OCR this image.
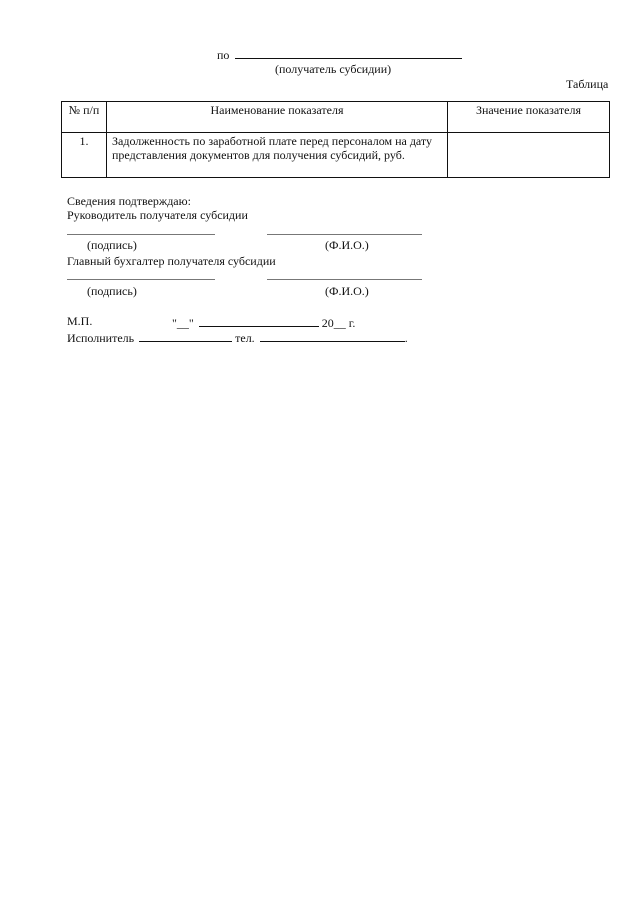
по
(получатель субсидии)
Таблица
№ п/п	Наименование показателя	Значение показателя
1.	Задолженность по заработной плате перед персоналом на дату представления документов для получения субсидий, руб.	
Сведения подтверждаю:
Руководитель получателя субсидии
(подпись)	(Ф.И.О.)
Главный бухгалтер получателя субсидии
(подпись)	(Ф.И.О.)
М.П.	"__"	20__ г.
Исполнитель	тел.	.
